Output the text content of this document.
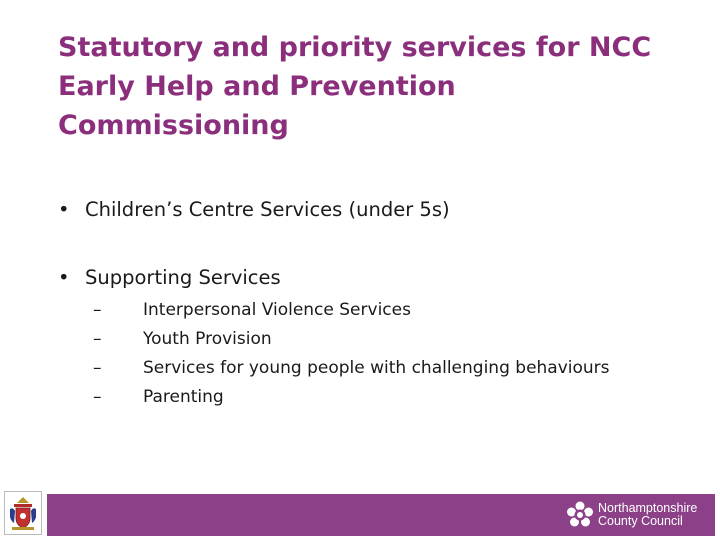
Statutory and priority services for NCC Early Help and Prevention Commissioning
• Children’s Centre Services (under 5s)
• Supporting Services
– Interpersonal Violence Services
– Youth Provision
– Services for young people with challenging behaviours
– Parenting
Northamptonshire
County Council
